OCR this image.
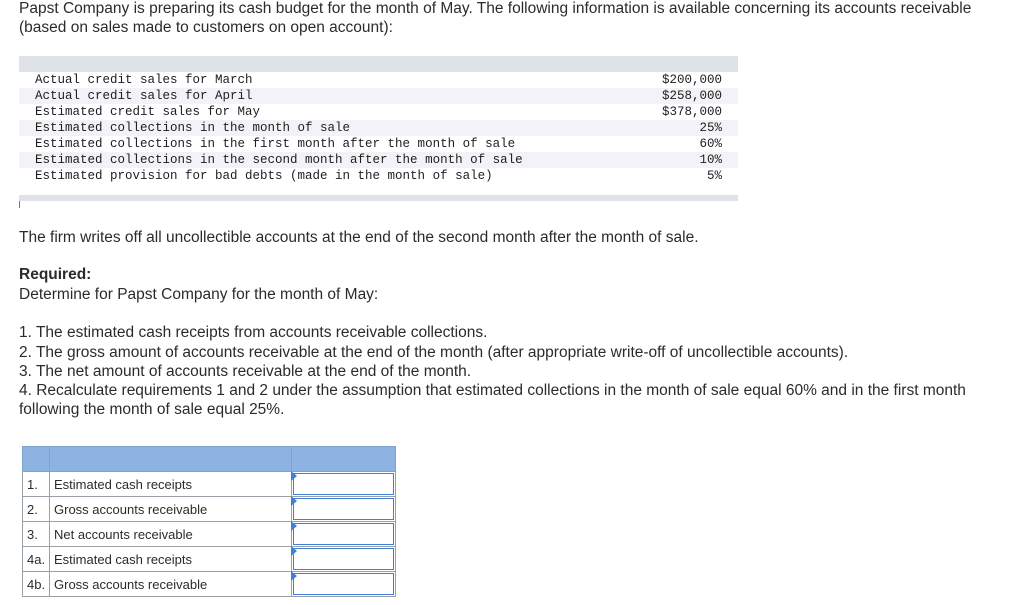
Papst Company is preparing its cash budget for the month of May. The following information is available concerning its accounts receivable (based on sales made to customers on open account):
Actual credit sales for March	$200,000
Actual credit sales for April	$258,000
Estimated credit sales for May	$378,000
Estimated collections in the month of sale	25%
Estimated collections in the first month after the month of sale	60%
Estimated collections in the second month after the month of sale	10%
Estimated provision for bad debts (made in the month of sale)	5%
The firm writes off all uncollectible accounts at the end of the second month after the month of sale.
Required:
Determine for Papst Company for the month of May:
1. The estimated cash receipts from accounts receivable collections.
2. The gross amount of accounts receivable at the end of the month (after appropriate write-off of uncollectible accounts).
3. The net amount of accounts receivable at the end of the month.
4. Recalculate requirements 1 and 2 under the assumption that estimated collections in the month of sale equal 60% and in the first month following the month of sale equal 25%.

1.	Estimated cash receipts	

2.	Gross accounts receivable	

3.	Net accounts receivable	

4a.	Estimated cash receipts	

4b.	Gross accounts receivable	
